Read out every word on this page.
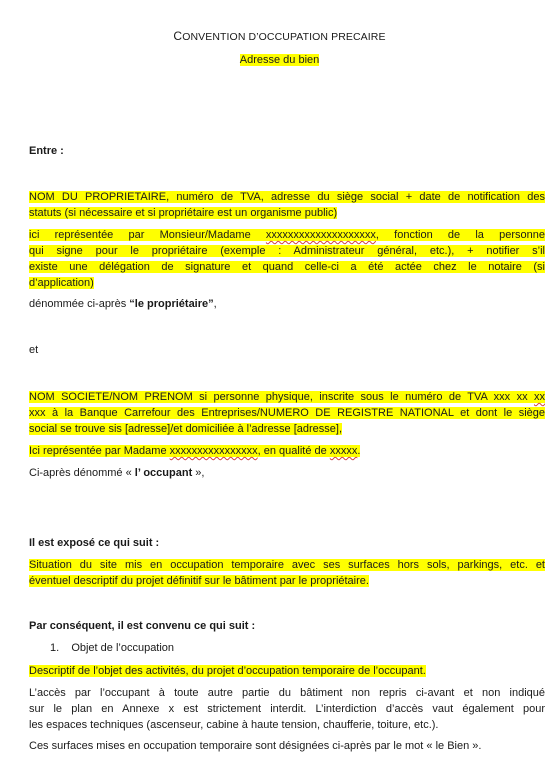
CONVENTION D’OCCUPATION PRECAIRE
Adresse du bien
Entre :
NOM DU PROPRIETAIRE, numéro de TVA, adresse du siège social + date de notification des
statuts (si nécessaire et si propriétaire est un organisme public)
ici représentée par Monsieur/Madame xxxxxxxxxxxxxxxxxxxx, fonction de la personne
qui signe pour le propriétaire (exemple : Administrateur général, etc.), + notifier s’il
existe une délégation de signature et quand celle-ci a été actée chez le notaire (si
d’application)
dénommée ci-après “le propriétaire”,
et
NOM SOCIETE/NOM PRENOM si personne physique, inscrite sous le numéro de TVA xxx xx xx
xxx à la Banque Carrefour des Entreprises/NUMERO DE REGISTRE NATIONAL et dont le siège
social se trouve sis [adresse]/et domiciliée à l’adresse [adresse],
Ici représentée par Madame xxxxxxxxxxxxxxxx, en qualité de xxxxx.
Ci-après dénommé « l’ occupant »,
Il est exposé ce qui suit :
Situation du site mis en occupation temporaire avec ses surfaces hors sols, parkings, etc. et
éventuel descriptif du projet définitif sur le bâtiment par le propriétaire.
Par conséquent, il est convenu ce qui suit :
1. Objet de l’occupation
Descriptif de l’objet des activités, du projet d’occupation temporaire de l’occupant.
L’accès par l’occupant à toute autre partie du bâtiment non repris ci-avant et non indiqué
sur le plan en Annexe x est strictement interdit. L’interdiction d’accès vaut également pour
les espaces techniques (ascenseur, cabine à haute tension, chaufferie, toiture, etc.).
Ces surfaces mises en occupation temporaire sont désignées ci-après par le mot « le Bien ».
